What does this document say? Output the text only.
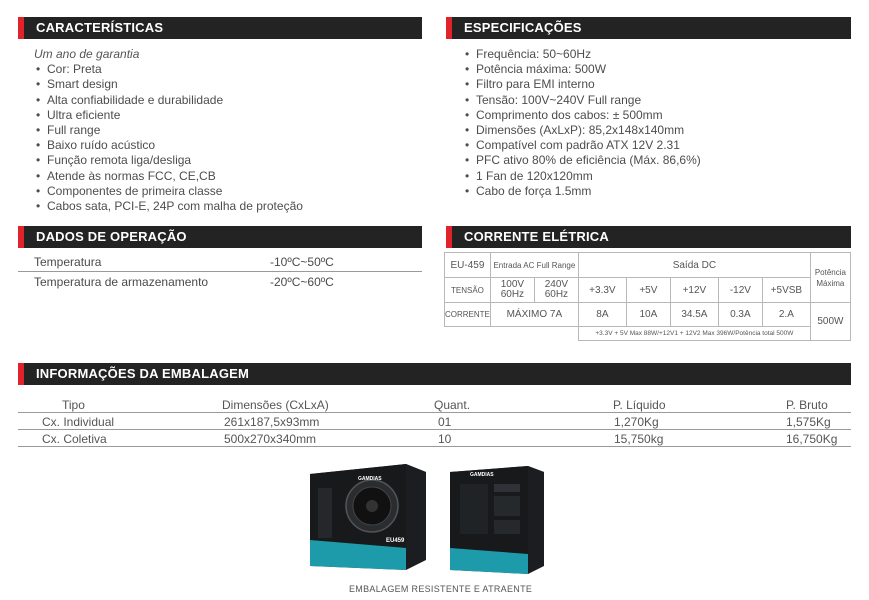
CARACTERÍSTICAS
Um ano de garantia
• Cor: Preta
• Smart design
• Alta confiabilidade e durabilidade
• Ultra eficiente
• Full range
• Baixo ruído acústico
• Função remota liga/desliga
• Atende às normas FCC, CE,CB
• Componentes de primeira classe
• Cabos sata, PCI-E, 24P com malha de proteção
ESPECIFICAÇÕES
• Frequência: 50~60Hz
• Potência máxima: 500W
• Filtro para EMI interno
• Tensão: 100V~240V Full range
• Comprimento dos cabos: ± 500mm
• Dimensões (AxLxP): 85,2x148x140mm
• Compatível com padrão ATX 12V 2.31
• PFC ativo 80% de eficiência (Máx. 86,6%)
• 1 Fan de 120x120mm
• Cabo de força 1.5mm
DADOS DE OPERAÇÃO
Temperatura	-10ºC~50ºC
Temperatura de armazenamento	-20ºC~60ºC
CORRENTE ELÉTRICA
EU-459	Entrada AC Full Range		Saída DC					Potência Máxima
TENSÃO	100V 60Hz	240V 60Hz	+3.3V	+5V	+12V	-12V	+5VSB	
CORRENTE	MÁXIMO 7A		8A	10A	34.5A	0.3A	2.A	500W
			+3.3V + 5V Max 88W/+12V1 + 12V2 Max 396W/Potência total 500W					
INFORMAÇÕES DA EMBALAGEM
Tipo	Dimensões (CxLxA)	Quant.	P. Líquido	P. Bruto
Cx. Individual	261x187,5x93mm	01	1,270Kg	1,575Kg
Cx. Coletiva	500x270x340mm	10	15,750kg	16,750Kg
GAMDIAS
EU459
GAMDIAS
EMBALAGEM RESISTENTE E ATRAENTE
